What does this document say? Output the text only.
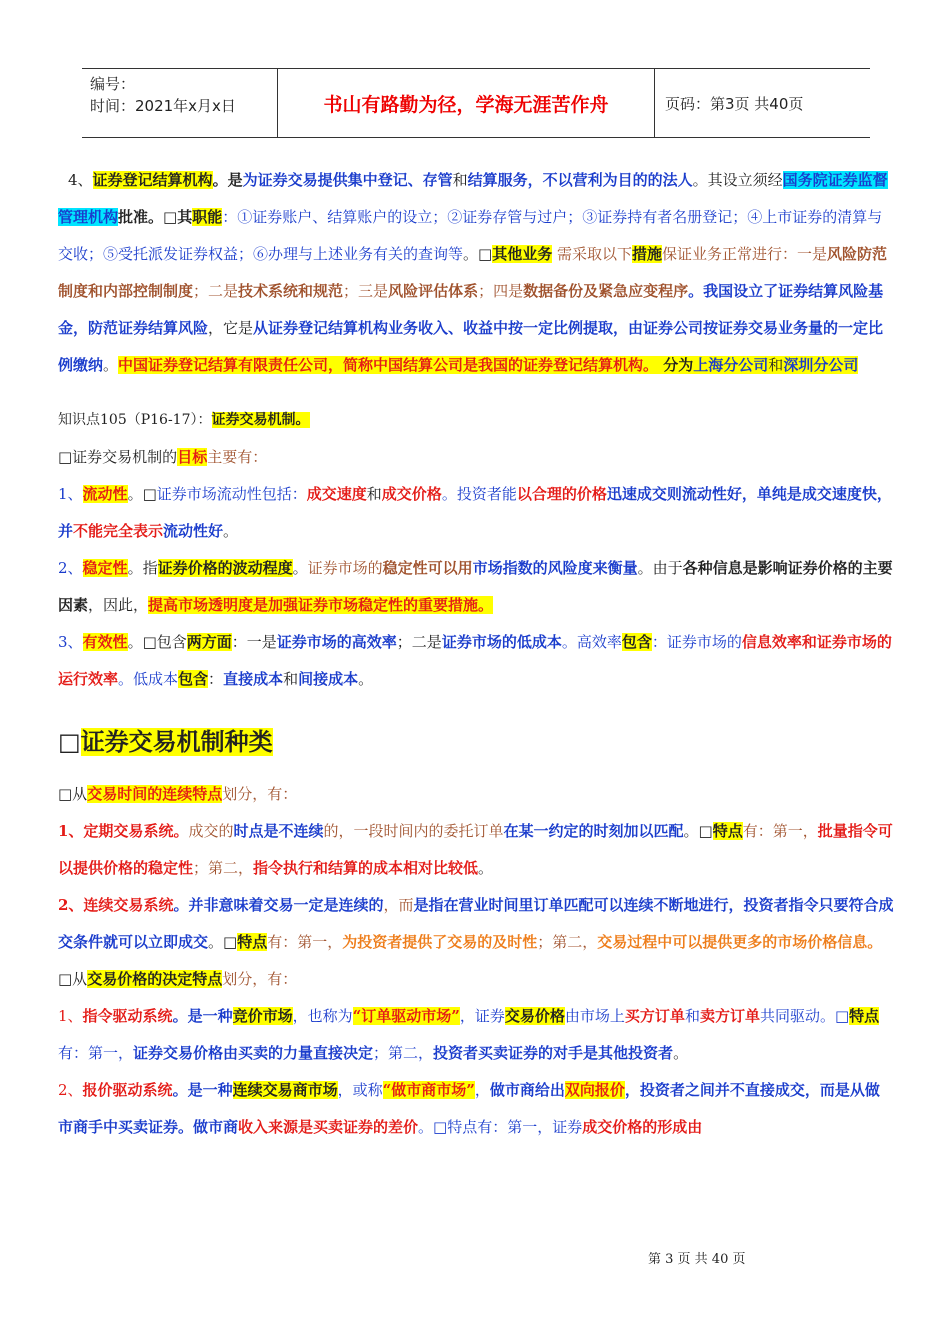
编号：
时间：2021年x月x日	书山有路勤为径，学海无涯苦作舟	页码：第3页 共40页

4、证券登记结算机构。是为证券交易提供集中登记、存管和结算服务，不以营利为目的的法人。其设立须经国务院证券监督管理机构批准。□其职能：①证券账户、结算账户的设立；②证券存管与过户；③证券持有者名册登记；④上市证券的清算与交收；⑤受托派发证券权益；⑥办理与上述业务有关的查询等。□其他业务 需采取以下措施保证业务正常进行：一是风险防范制度和内部控制制度；二是技术系统和规范；三是风险评估体系；四是数据备份及紧急应变程序。我国设立了证券结算风险基金，防范证券结算风险，它是从证券登记结算机构业务收入、收益中按一定比例提取，由证券公司按证券交易业务量的一定比例缴纳。中国证券登记结算有限责任公司，简称中国结算公司是我国的证券登记结算机构。 分为上海分公司和深圳分公司

知识点105（P16-17）：证券交易机制。

□证券交易机制的目标主要有：

1、流动性。□证券市场流动性包括：成交速度和成交价格。投资者能以合理的价格迅速成交则流动性好，单纯是成交速度快，并不能完全表示流动性好。

2、稳定性。指证券价格的波动程度。证券市场的稳定性可以用市场指数的风险度来衡量。由于各种信息是影响证券价格的主要因素，因此，提高市场透明度是加强证券市场稳定性的重要措施。

3、有效性。□包含两方面：一是证券市场的高效率；二是证券市场的低成本。高效率包含：证券市场的信息效率和证券市场的运行效率。低成本包含：直接成本和间接成本。

□证券交易机制种类

□从交易时间的连续特点划分，有：

1、定期交易系统。成交的时点是不连续的，一段时间内的委托订单在某一约定的时刻加以匹配。□特点有：第一，批量指令可以提供价格的稳定性；第二，指令执行和结算的成本相对比较低。

2、连续交易系统。并非意味着交易一定是连续的，而是指在营业时间里订单匹配可以连续不断地进行，投资者指令只要符合成交条件就可以立即成交。□特点有：第一，为投资者提供了交易的及时性；第二，交易过程中可以提供更多的市场价格信息。

□从交易价格的决定特点划分，有：

1、指令驱动系统。是一种竞价市场，也称为“订单驱动市场”，证券交易价格由市场上买方订单和卖方订单共同驱动。□特点有：第一，证券交易价格由买卖的力量直接决定；第二，投资者买卖证券的对手是其他投资者。

2、报价驱动系统。是一种连续交易商市场，或称“做市商市场”，做市商给出双向报价，投资者之间并不直接成交，而是从做市商手中买卖证券。做市商收入来源是买卖证券的差价。□特点有：第一，证券成交价格的形成由

第 3 页 共 40 页
